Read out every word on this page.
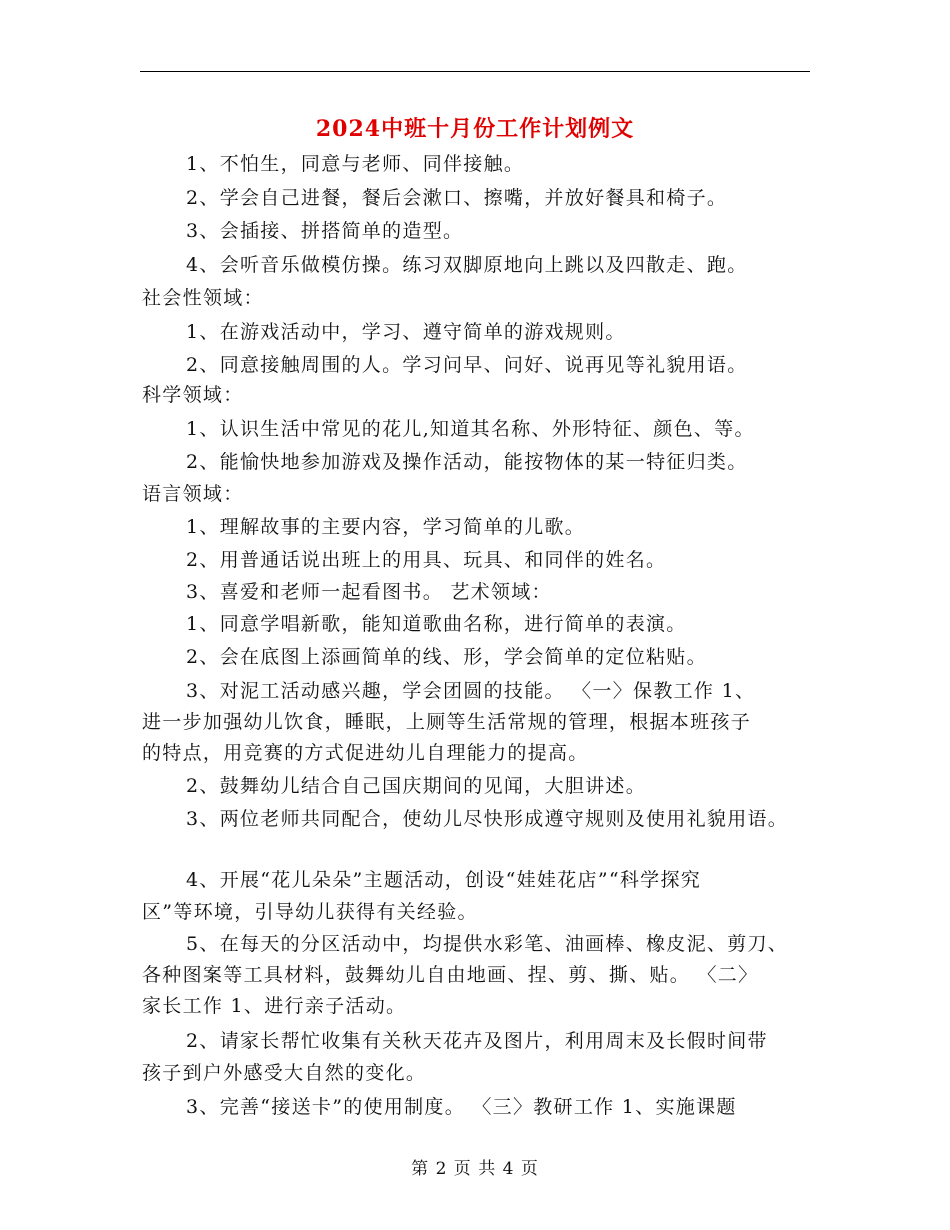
2024中班十月份工作计划例文
1、不怕生，同意与老师、同伴接触。
2、学会自己进餐，餐后会漱口、擦嘴，并放好餐具和椅子。
3、会插接、拼搭简单的造型。
4、会听音乐做模仿操。练习双脚原地向上跳以及四散走、跑。
社会性领域：
1、在游戏活动中，学习、遵守简单的游戏规则。
2、同意接触周围的人。学习问早、问好、说再见等礼貌用语。
科学领域：
1、认识生活中常见的花儿,知道其名称、外形特征、颜色、等。
2、能愉快地参加游戏及操作活动，能按物体的某一特征归类。
语言领域：
1、理解故事的主要内容，学习简单的儿歌。
2、用普通话说出班上的用具、玩具、和同伴的姓名。
3、喜爱和老师一起看图书。 艺术领域：
1、同意学唱新歌，能知道歌曲名称，进行简单的表演。
2、会在底图上添画简单的线、形，学会简单的定位粘贴。
3、对泥工活动感兴趣，学会团圆的技能。 〈一〉保教工作 1、
进一步加强幼儿饮食，睡眠，上厕等生活常规的管理，根据本班孩子
的特点，用竞赛的方式促进幼儿自理能力的提高。
2、鼓舞幼儿结合自己国庆期间的见闻，大胆讲述。
3、两位老师共同配合，使幼儿尽快形成遵守规则及使用礼貌用语。
4、开展“花儿朵朵”主题活动，创设“娃娃花店”“科学探究
区”等环境，引导幼儿获得有关经验。
5、在每天的分区活动中，均提供水彩笔、油画棒、橡皮泥、剪刀、
各种图案等工具材料，鼓舞幼儿自由地画、捏、剪、撕、贴。 〈二〉
家长工作 1、进行亲子活动。
2、请家长帮忙收集有关秋天花卉及图片，利用周末及长假时间带
孩子到户外感受大自然的变化。
3、完善“接送卡”的使用制度。 〈三〉教研工作 1、实施课题
第 2 页 共 4 页
